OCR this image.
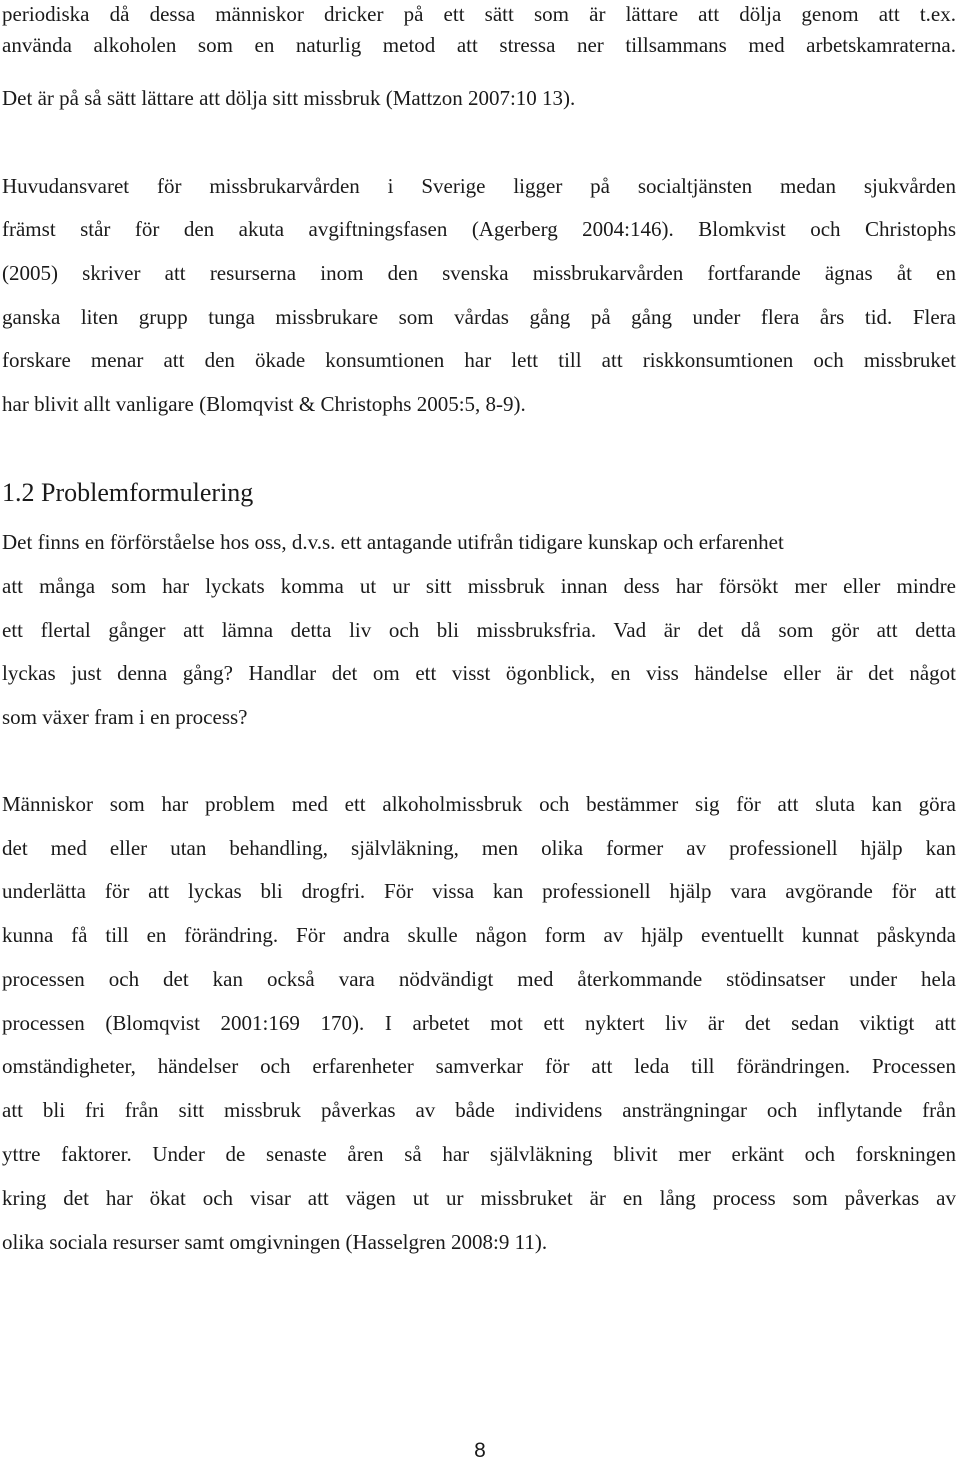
periodiska då dessa människor dricker på ett sätt som är lättare att dölja genom att t.ex.
använda alkoholen som en naturlig metod att stressa ner tillsammans med arbetskamraterna.
Det är på så sätt lättare att dölja sitt missbruk (Mattzon 2007:10 13).
Huvudansvaret för missbrukarvården i Sverige ligger på socialtjänsten medan sjukvården
främst står för den akuta avgiftningsfasen (Agerberg 2004:146). Blomkvist och Christophs
(2005) skriver att resurserna inom den svenska missbrukarvården fortfarande ägnas åt en
ganska liten grupp tunga missbrukare som vårdas gång på gång under flera års tid. Flera
forskare menar att den ökade konsumtionen har lett till att riskkonsumtionen och missbruket
har blivit allt vanligare (Blomqvist & Christophs 2005:5, 8-9).
1.2 Problemformulering
Det finns en förförståelse hos oss, d.v.s. ett antagande utifrån tidigare kunskap och erfarenhet
att många som har lyckats komma ut ur sitt missbruk innan dess har försökt mer eller mindre
ett flertal gånger att lämna detta liv och bli missbruksfria. Vad är det då som gör att detta
lyckas just denna gång? Handlar det om ett visst ögonblick, en viss händelse eller är det något
som växer fram i en process?
Människor som har problem med ett alkoholmissbruk och bestämmer sig för att sluta kan göra
det med eller utan behandling, självläkning, men olika former av professionell hjälp kan
underlätta för att lyckas bli drogfri. För vissa kan professionell hjälp vara avgörande för att
kunna få till en förändring. För andra skulle någon form av hjälp eventuellt kunnat påskynda
processen och det kan också vara nödvändigt med återkommande stödinsatser under hela
processen (Blomqvist 2001:169 170). I arbetet mot ett nyktert liv är det sedan viktigt att
omständigheter, händelser och erfarenheter samverkar för att leda till förändringen. Processen
att bli fri från sitt missbruk påverkas av både individens ansträngningar och inflytande från
yttre faktorer. Under de senaste åren så har självläkning blivit mer erkänt och forskningen
kring det har ökat och visar att vägen ut ur missbruket är en lång process som påverkas av
olika sociala resurser samt omgivningen (Hasselgren 2008:9 11).
8
